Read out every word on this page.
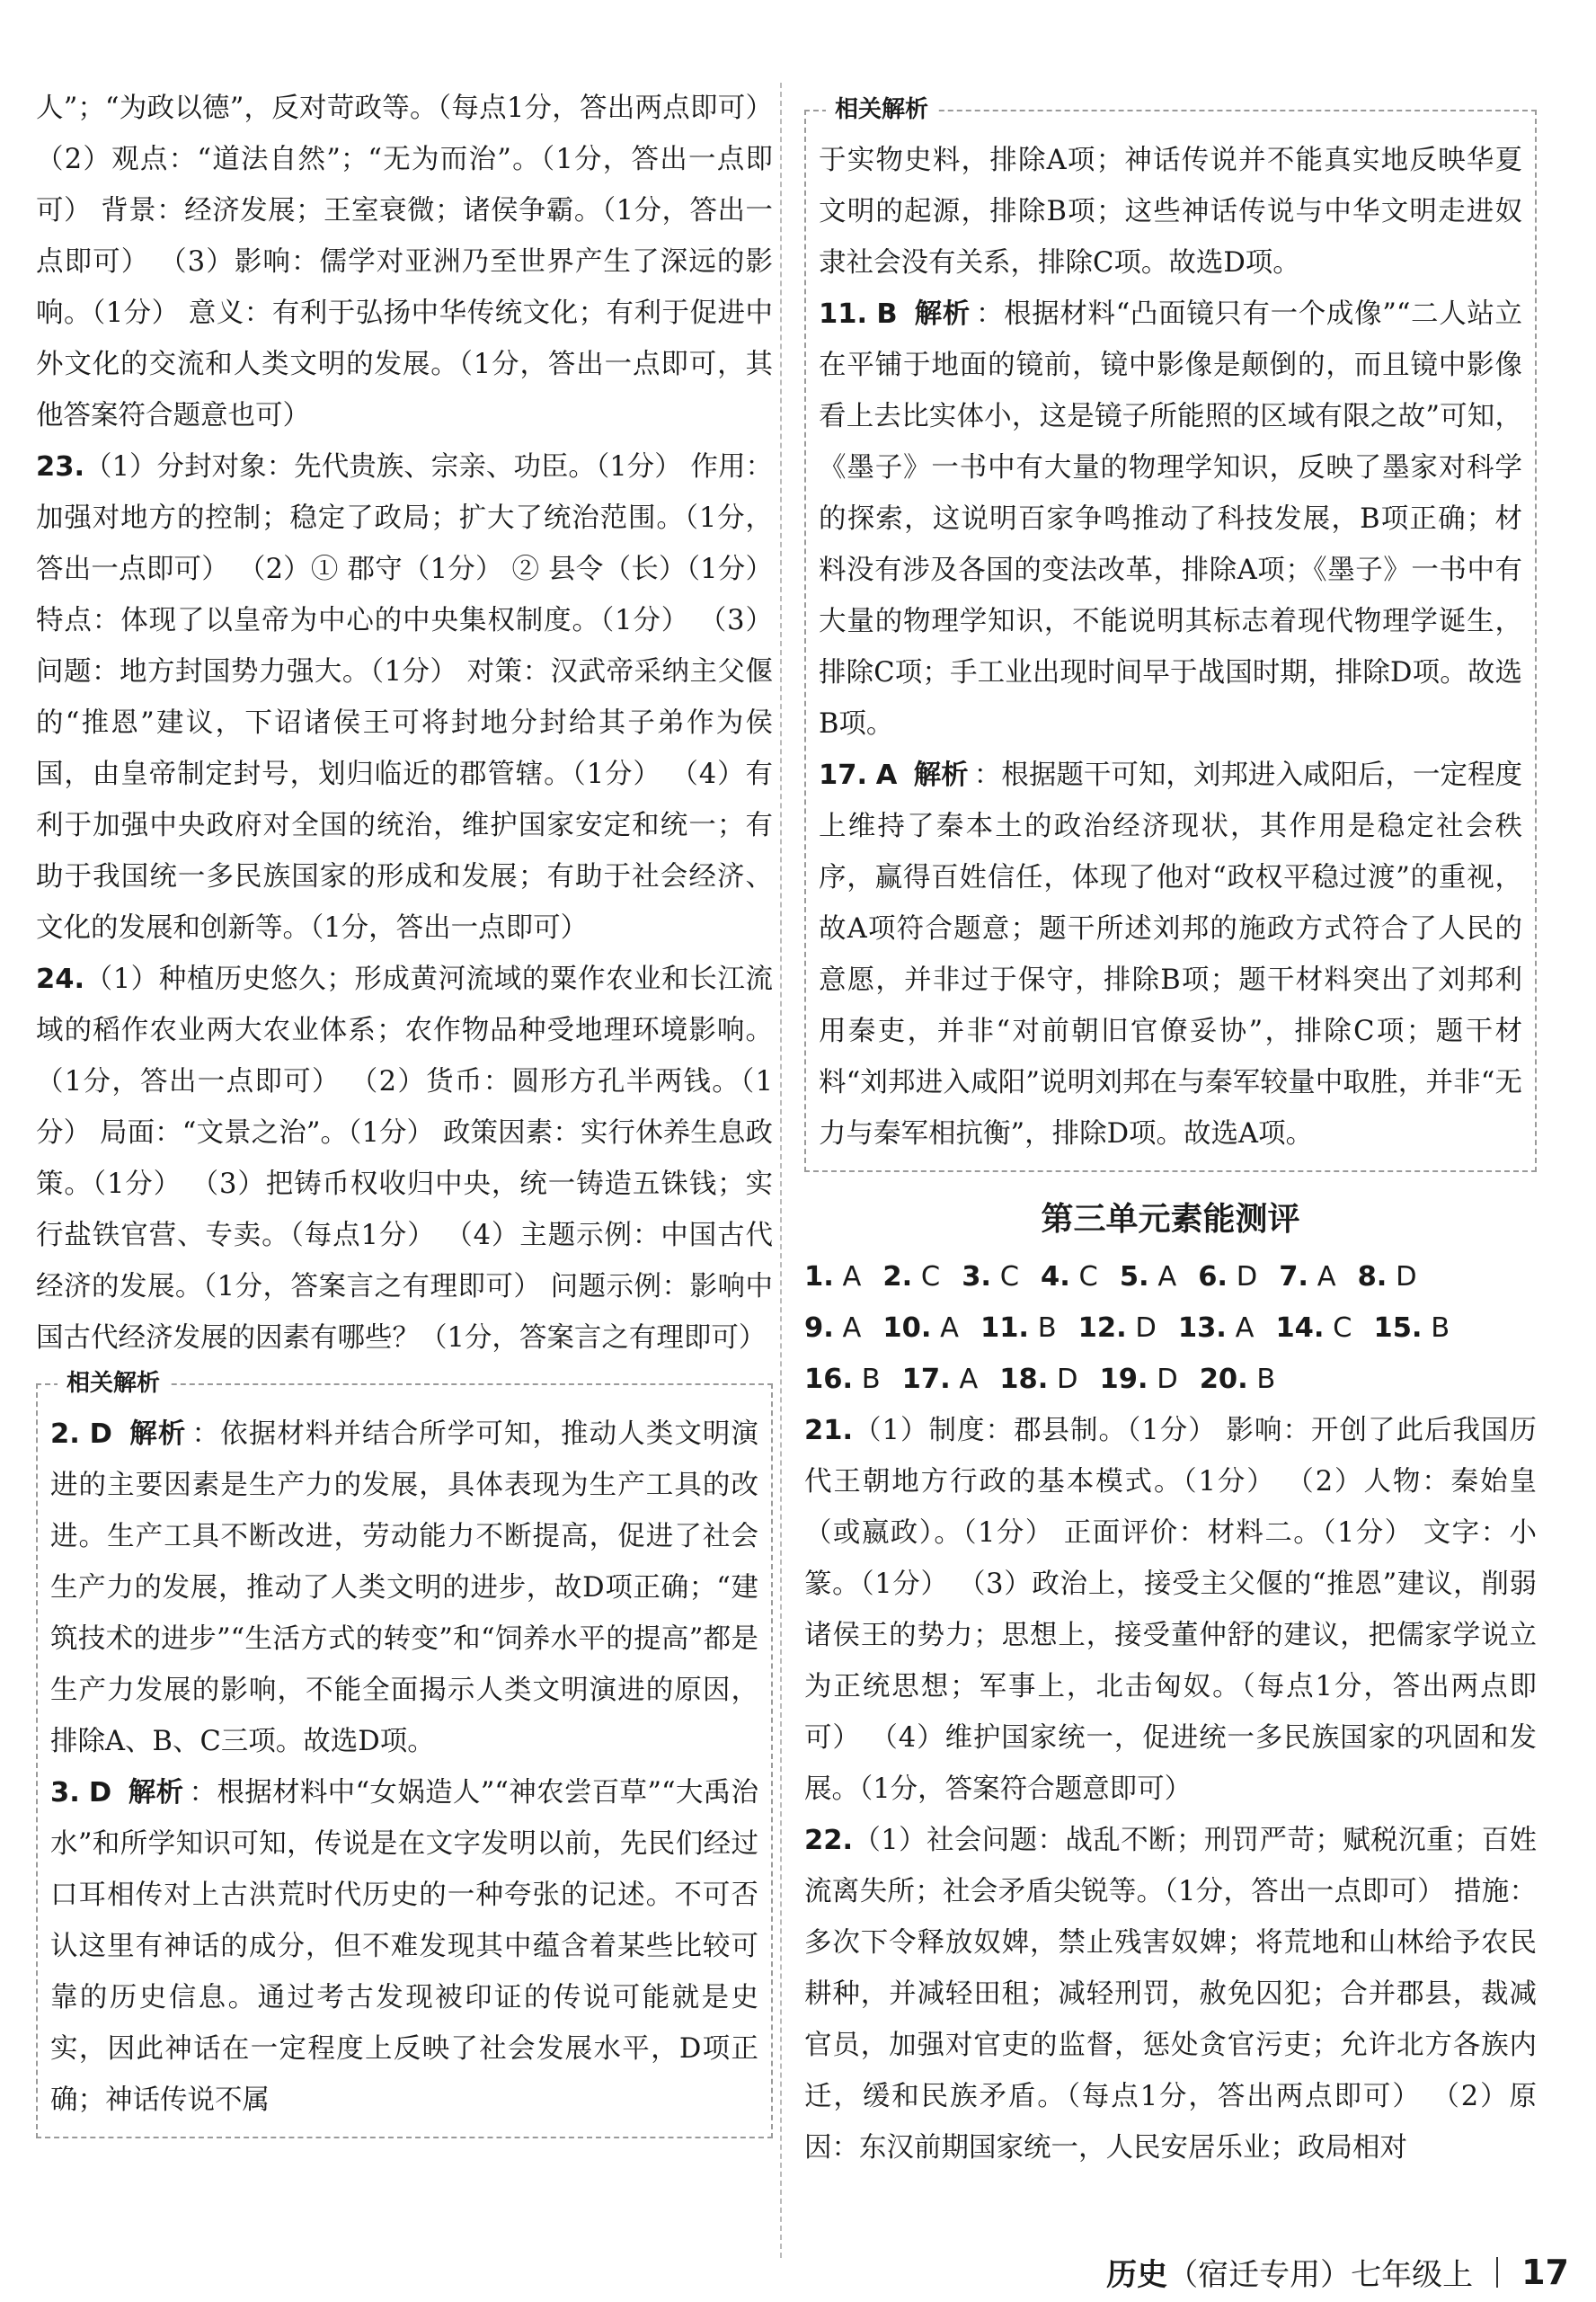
人”；“为政以德”，反对苛政等。（每点1分，答出两点即可） （2）观点：“道法自然”；“无为而治”。（1分，答出一点即可） 背景：经济发展；王室衰微；诸侯争霸。（1分，答出一点即可） （3）影响：儒学对亚洲乃至世界产生了深远的影响。（1分） 意义：有利于弘扬中华传统文化；有利于促进中外文化的交流和人类文明的发展。（1分，答出一点即可，其他答案符合题意也可）

23.（1）分封对象：先代贵族、宗亲、功臣。（1分） 作用：加强对地方的控制；稳定了政局；扩大了统治范围。（1分，答出一点即可） （2）① 郡守（1分） ② 县令（长）（1分） 特点：体现了以皇帝为中心的中央集权制度。（1分） （3）问题：地方封国势力强大。（1分） 对策：汉武帝采纳主父偃的“推恩”建议，下诏诸侯王可将封地分封给其子弟作为侯国，由皇帝制定封号，划归临近的郡管辖。（1分） （4）有利于加强中央政府对全国的统治，维护国家安定和统一；有助于我国统一多民族国家的形成和发展；有助于社会经济、文化的发展和创新等。（1分，答出一点即可）

24.（1）种植历史悠久；形成黄河流域的粟作农业和长江流域的稻作农业两大农业体系；农作物品种受地理环境影响。（1分，答出一点即可） （2）货币：圆形方孔半两钱。（1分） 局面：“文景之治”。（1分） 政策因素：实行休养生息政策。（1分） （3）把铸币权收归中央，统一铸造五铢钱；实行盐铁官营、专卖。（每点1分） （4）主题示例：中国古代经济的发展。（1分，答案言之有理即可） 问题示例：影响中国古代经济发展的因素有哪些？（1分，答案言之有理即可）

相关解析

2. D 解析 ：依据材料并结合所学可知，推动人类文明演进的主要因素是生产力的发展，具体表现为生产工具的改进。生产工具不断改进，劳动能力不断提高，促进了社会生产力的发展，推动了人类文明的进步，故D项正确；“建筑技术的进步”“生活方式的转变”和“饲养水平的提高”都是生产力发展的影响，不能全面揭示人类文明演进的原因，排除A、B、C三项。故选D项。

3. D 解析 ：根据材料中“女娲造人”“神农尝百草”“大禹治水”和所学知识可知，传说是在文字发明以前，先民们经过口耳相传对上古洪荒时代历史的一种夸张的记述。不可否认这里有神话的成分，但不难发现其中蕴含着某些比较可靠的历史信息。通过考古发现被印证的传说可能就是史实，因此神话在一定程度上反映了社会发展水平，D项正确；神话传说不属

相关解析

于实物史料，排除A项；神话传说并不能真实地反映华夏文明的起源，排除B项；这些神话传说与中华文明走进奴隶社会没有关系，排除C项。故选D项。

11. B 解析 ：根据材料“凸面镜只有一个成像”“二人站立在平铺于地面的镜前，镜中影像是颠倒的，而且镜中影像看上去比实体小，这是镜子所能照的区域有限之故”可知，《墨子》一书中有大量的物理学知识，反映了墨家对科学的探索，这说明百家争鸣推动了科技发展，B项正确；材料没有涉及各国的变法改革，排除A项；《墨子》一书中有大量的物理学知识，不能说明其标志着现代物理学诞生，排除C项；手工业出现时间早于战国时期，排除D项。故选B项。

17. A 解析 ：根据题干可知，刘邦进入咸阳后，一定程度上维持了秦本土的政治经济现状，其作用是稳定社会秩序，赢得百姓信任，体现了他对“政权平稳过渡”的重视，故A项符合题意；题干所述刘邦的施政方式符合了人民的意愿，并非过于保守，排除B项；题干材料突出了刘邦利用秦吏，并非“对前朝旧官僚妥协”，排除C项；题干材料“刘邦进入咸阳”说明刘邦在与秦军较量中取胜，并非“无力与秦军相抗衡”，排除D项。故选A项。

第三单元素能测评
1. A 2. C 3. C 4. C 5. A 6. D 7. A 8. D
9. A 10. A 11. B 12. D 13. A 14. C 15. B
16. B 17. A 18. D 19. D 20. B

21.（1）制度：郡县制。（1分） 影响：开创了此后我国历代王朝地方行政的基本模式。（1分） （2）人物：秦始皇（或嬴政）。（1分） 正面评价：材料二。（1分） 文字：小篆。（1分） （3）政治上，接受主父偃的“推恩”建议，削弱诸侯王的势力；思想上，接受董仲舒的建议，把儒家学说立为正统思想；军事上，北击匈奴。（每点1分，答出两点即可） （4）维护国家统一，促进统一多民族国家的巩固和发展。（1分，答案符合题意即可）

22.（1）社会问题：战乱不断；刑罚严苛；赋税沉重；百姓流离失所；社会矛盾尖锐等。（1分，答出一点即可） 措施：多次下令释放奴婢，禁止残害奴婢；将荒地和山林给予农民耕种，并减轻田租；减轻刑罚，赦免囚犯；合并郡县，裁减官员，加强对官吏的监督，惩处贪官污吏；允许北方各族内迁，缓和民族矛盾。（每点1分，答出两点即可） （2）原因：东汉前期国家统一，人民安居乐业；政局相对

历史 （宿迁专用）七年级上 17
